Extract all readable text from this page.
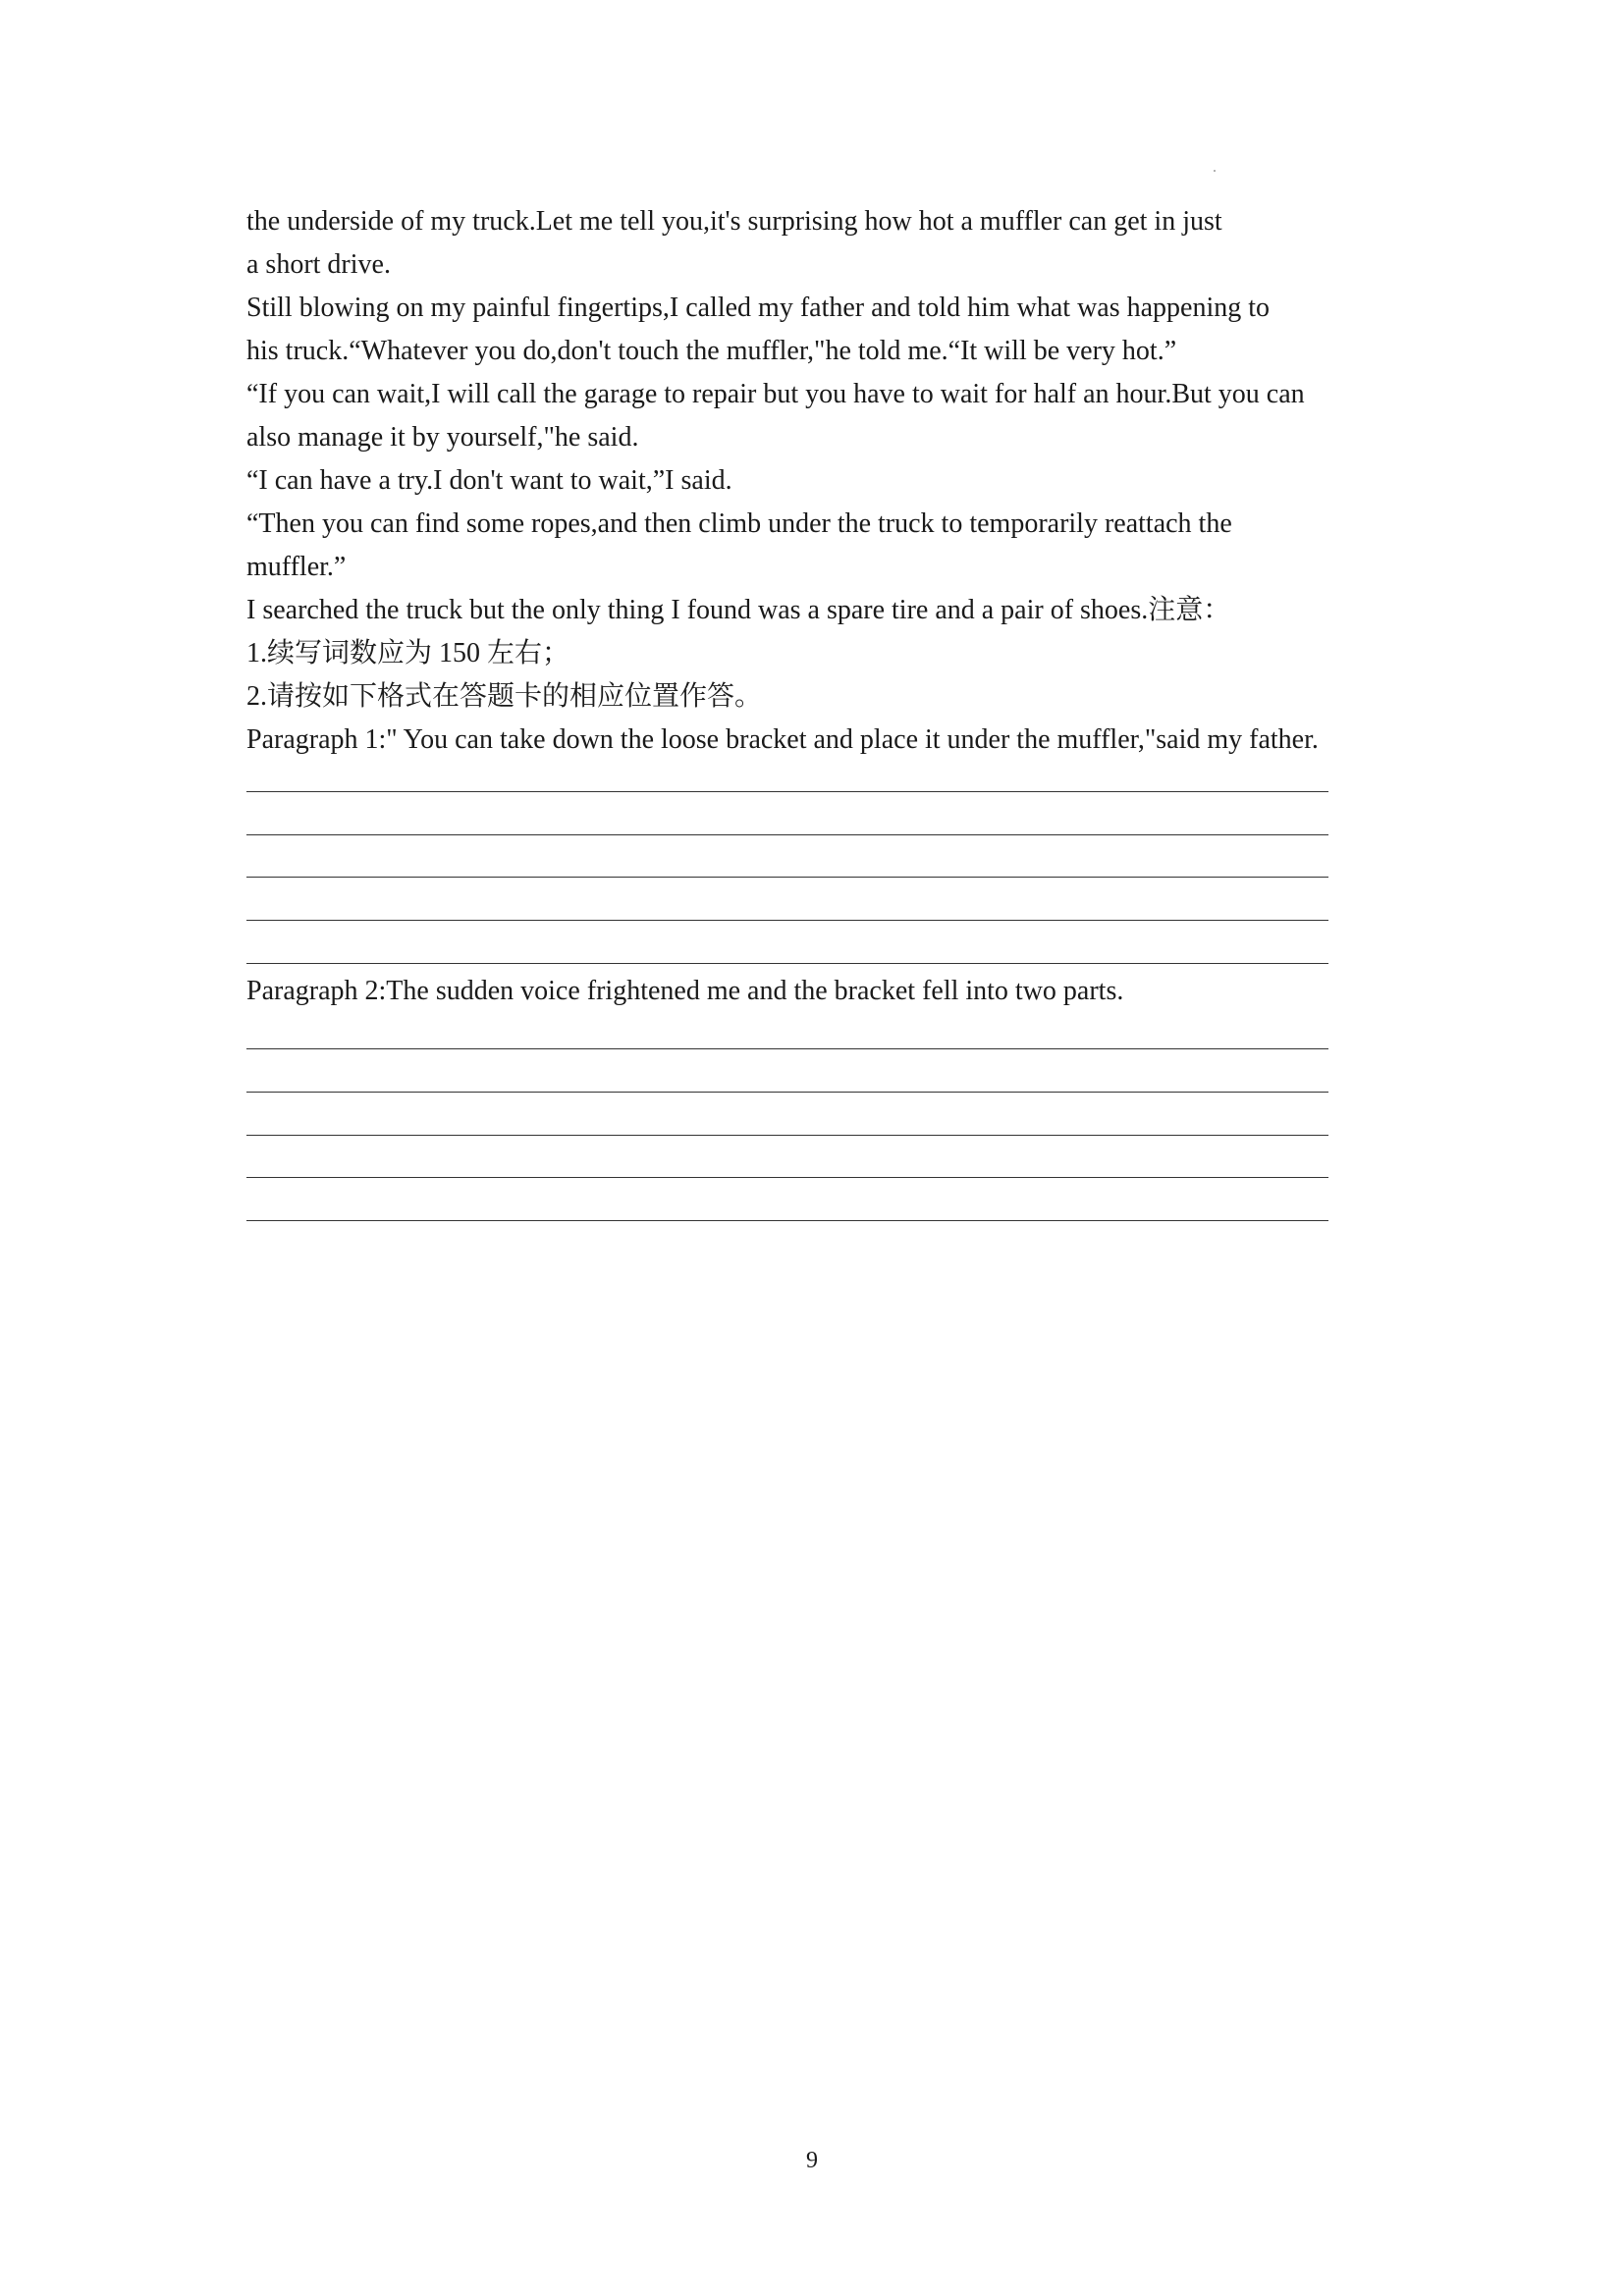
the underside of my truck.Let me tell you,it's surprising how hot a muffler can get in just

a short drive.

Still blowing on my painful fingertips,I called my father and told him what was happening to

his truck.“Whatever you do,don't touch the muffler,"he told me.“It will be very hot.”

“If you can wait,I will call the garage to repair but you have to wait for half an hour.But you can

also manage it by yourself,"he said.

“I can have a try.I don't want to wait,”I said.

“Then you can find some ropes,and then climb under the truck to temporarily reattach the

muffler.”

I searched the truck but the only thing I found was a spare tire and a pair of shoes.注意：

1.续写词数应为 150 左右；

2.请按如下格式在答题卡的相应位置作答。

Paragraph 1:" You can take down the loose bracket and place it under the muffler,"said my father.

Paragraph 2:The sudden voice frightened me and the bracket fell into two parts.
9
